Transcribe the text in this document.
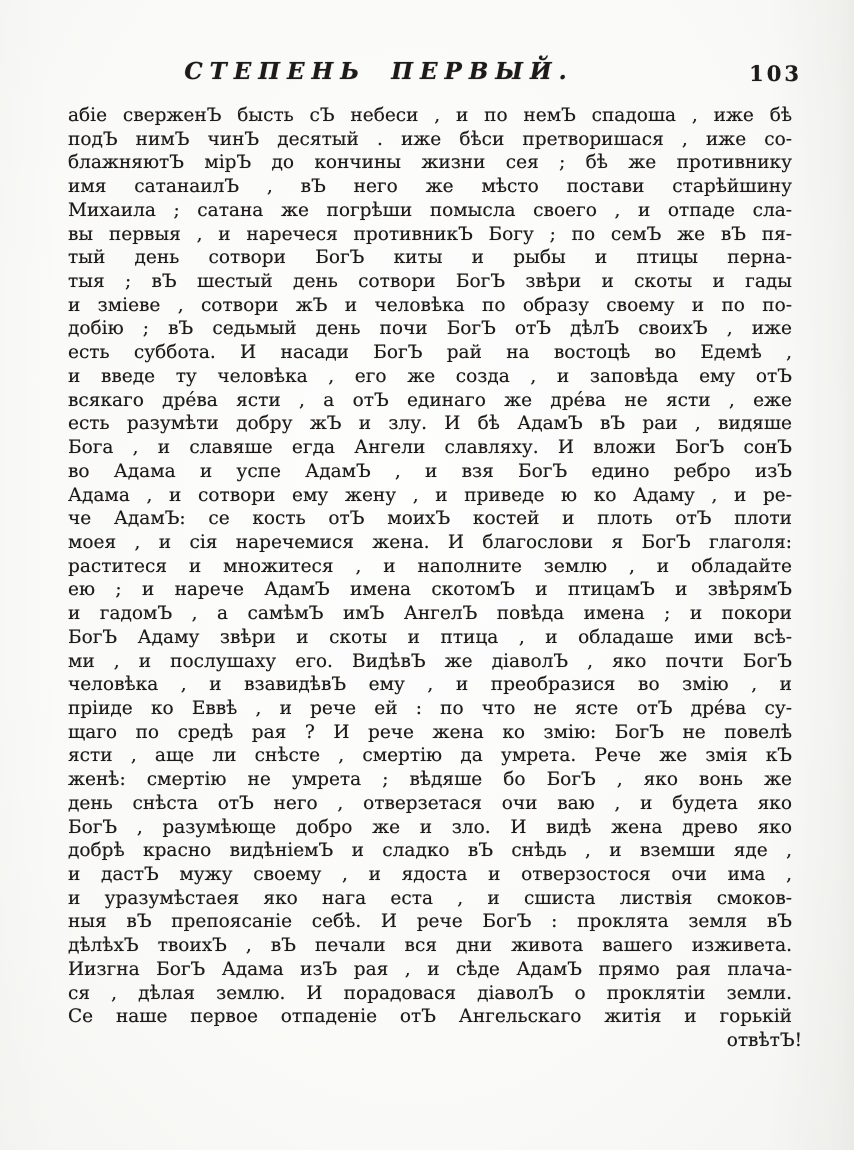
СТЕПЕНЬ ПЕРВЫЙ.	103

абіе сверженЪ бысть сЪ небеси , и по немЪ спадоша , иже бѣ

подЪ нимЪ чинЪ десятый . иже бѣси претворишася , иже со-

блажняютЪ мірЪ до кончины жизни сея ; бѣ же противнику

имя сатанаилЪ , вЪ него же мѣсто постави старѣйшину

Михаила ; сатана же погрѣши помысла своего , и отпаде сла-

вы первыя , и наречеся противникЪ Богу ; по семЪ же вЪ пя-

тый день сотвори БогЪ киты и рыбы и птицы перна-

тыя ; вЪ шестый день сотвори БогЪ звѣри и скоты и гады

и зміеве , сотвори жЪ и человѣка по образу своему и по по-

добію ; вЪ седьмый день почи БогЪ отЪ дѣлЪ своихЪ , иже

есть суббота. И насади БогЪ рай на востоцѣ во Едемѣ ,

и введе ту человѣка , его же созда , и заповѣда ему отЪ

всякаго дре́ва ясти , а отЪ единаго же дре́ва не ясти , еже

есть разумѣти добру жЪ и злу. И бѣ АдамЪ вЪ раи , видяше

Бога , и славяше егда Ангели славляху. И вложи БогЪ сонЪ

во Адама и успе АдамЪ , и взя БогЪ едино ребро изЪ

Адама , и сотвори ему жену , и приведе ю ко Адаму , и ре-

че АдамЪ: се кость отЪ моихЪ костей и плоть отЪ плоти

моея , и сія наречемися жена. И благослови я БогЪ глаголя:

раститеся и множитеся , и наполните землю , и обладайте

ею ; и нарече АдамЪ имена скотомЪ и птицамЪ и звѣрямЪ

и гадомЪ , а самѣмЪ имЪ АнгелЪ повѣда имена ; и покори

БогЪ Адаму звѣри и скоты и птица , и обладаше ими всѣ-

ми , и послушаху его. ВидѣвЪ же діаволЪ , яко почти БогЪ

человѣка , и взавидѣвЪ ему , и преобразися во змію , и

пріиде ко Еввѣ , и рече ей : по что не ясте отЪ дре́ва су-

щаго по средѣ рая ? И рече жена ко змію: БогЪ не повелѣ

ясти , аще ли снѣсте , смертію да умрета. Рече же змія кЪ

женѣ: смертію не умрета ; вѣдяше бо БогЪ , яко вонь же

день снѣста отЪ него , отверзетася очи ваю , и будета яко

БогЪ , разумѣюще добро же и зло. И видѣ жена древо яко

добрѣ красно видѣніемЪ и сладко вЪ снѣдь , и вземши яде ,

и дастЪ мужу своему , и ядоста и отверзостося очи има ,

и уразумѣстаея яко нага еста , и сшиста листвія смоков-

ныя вЪ препоясаніе себѣ. И рече БогЪ : проклята земля вЪ

дѣлѣхЪ твоихЪ , вЪ печали вся дни живота вашего изживета.

Иизгна БогЪ Адама изЪ рая , и сѣде АдамЪ прямо рая плача-

ся , дѣлая землю. И порадовася діаволЪ о проклятіи земли.

Се наше первое отпаденіе отЪ Ангельскаго житія и горькій

отвѣтЪ!
